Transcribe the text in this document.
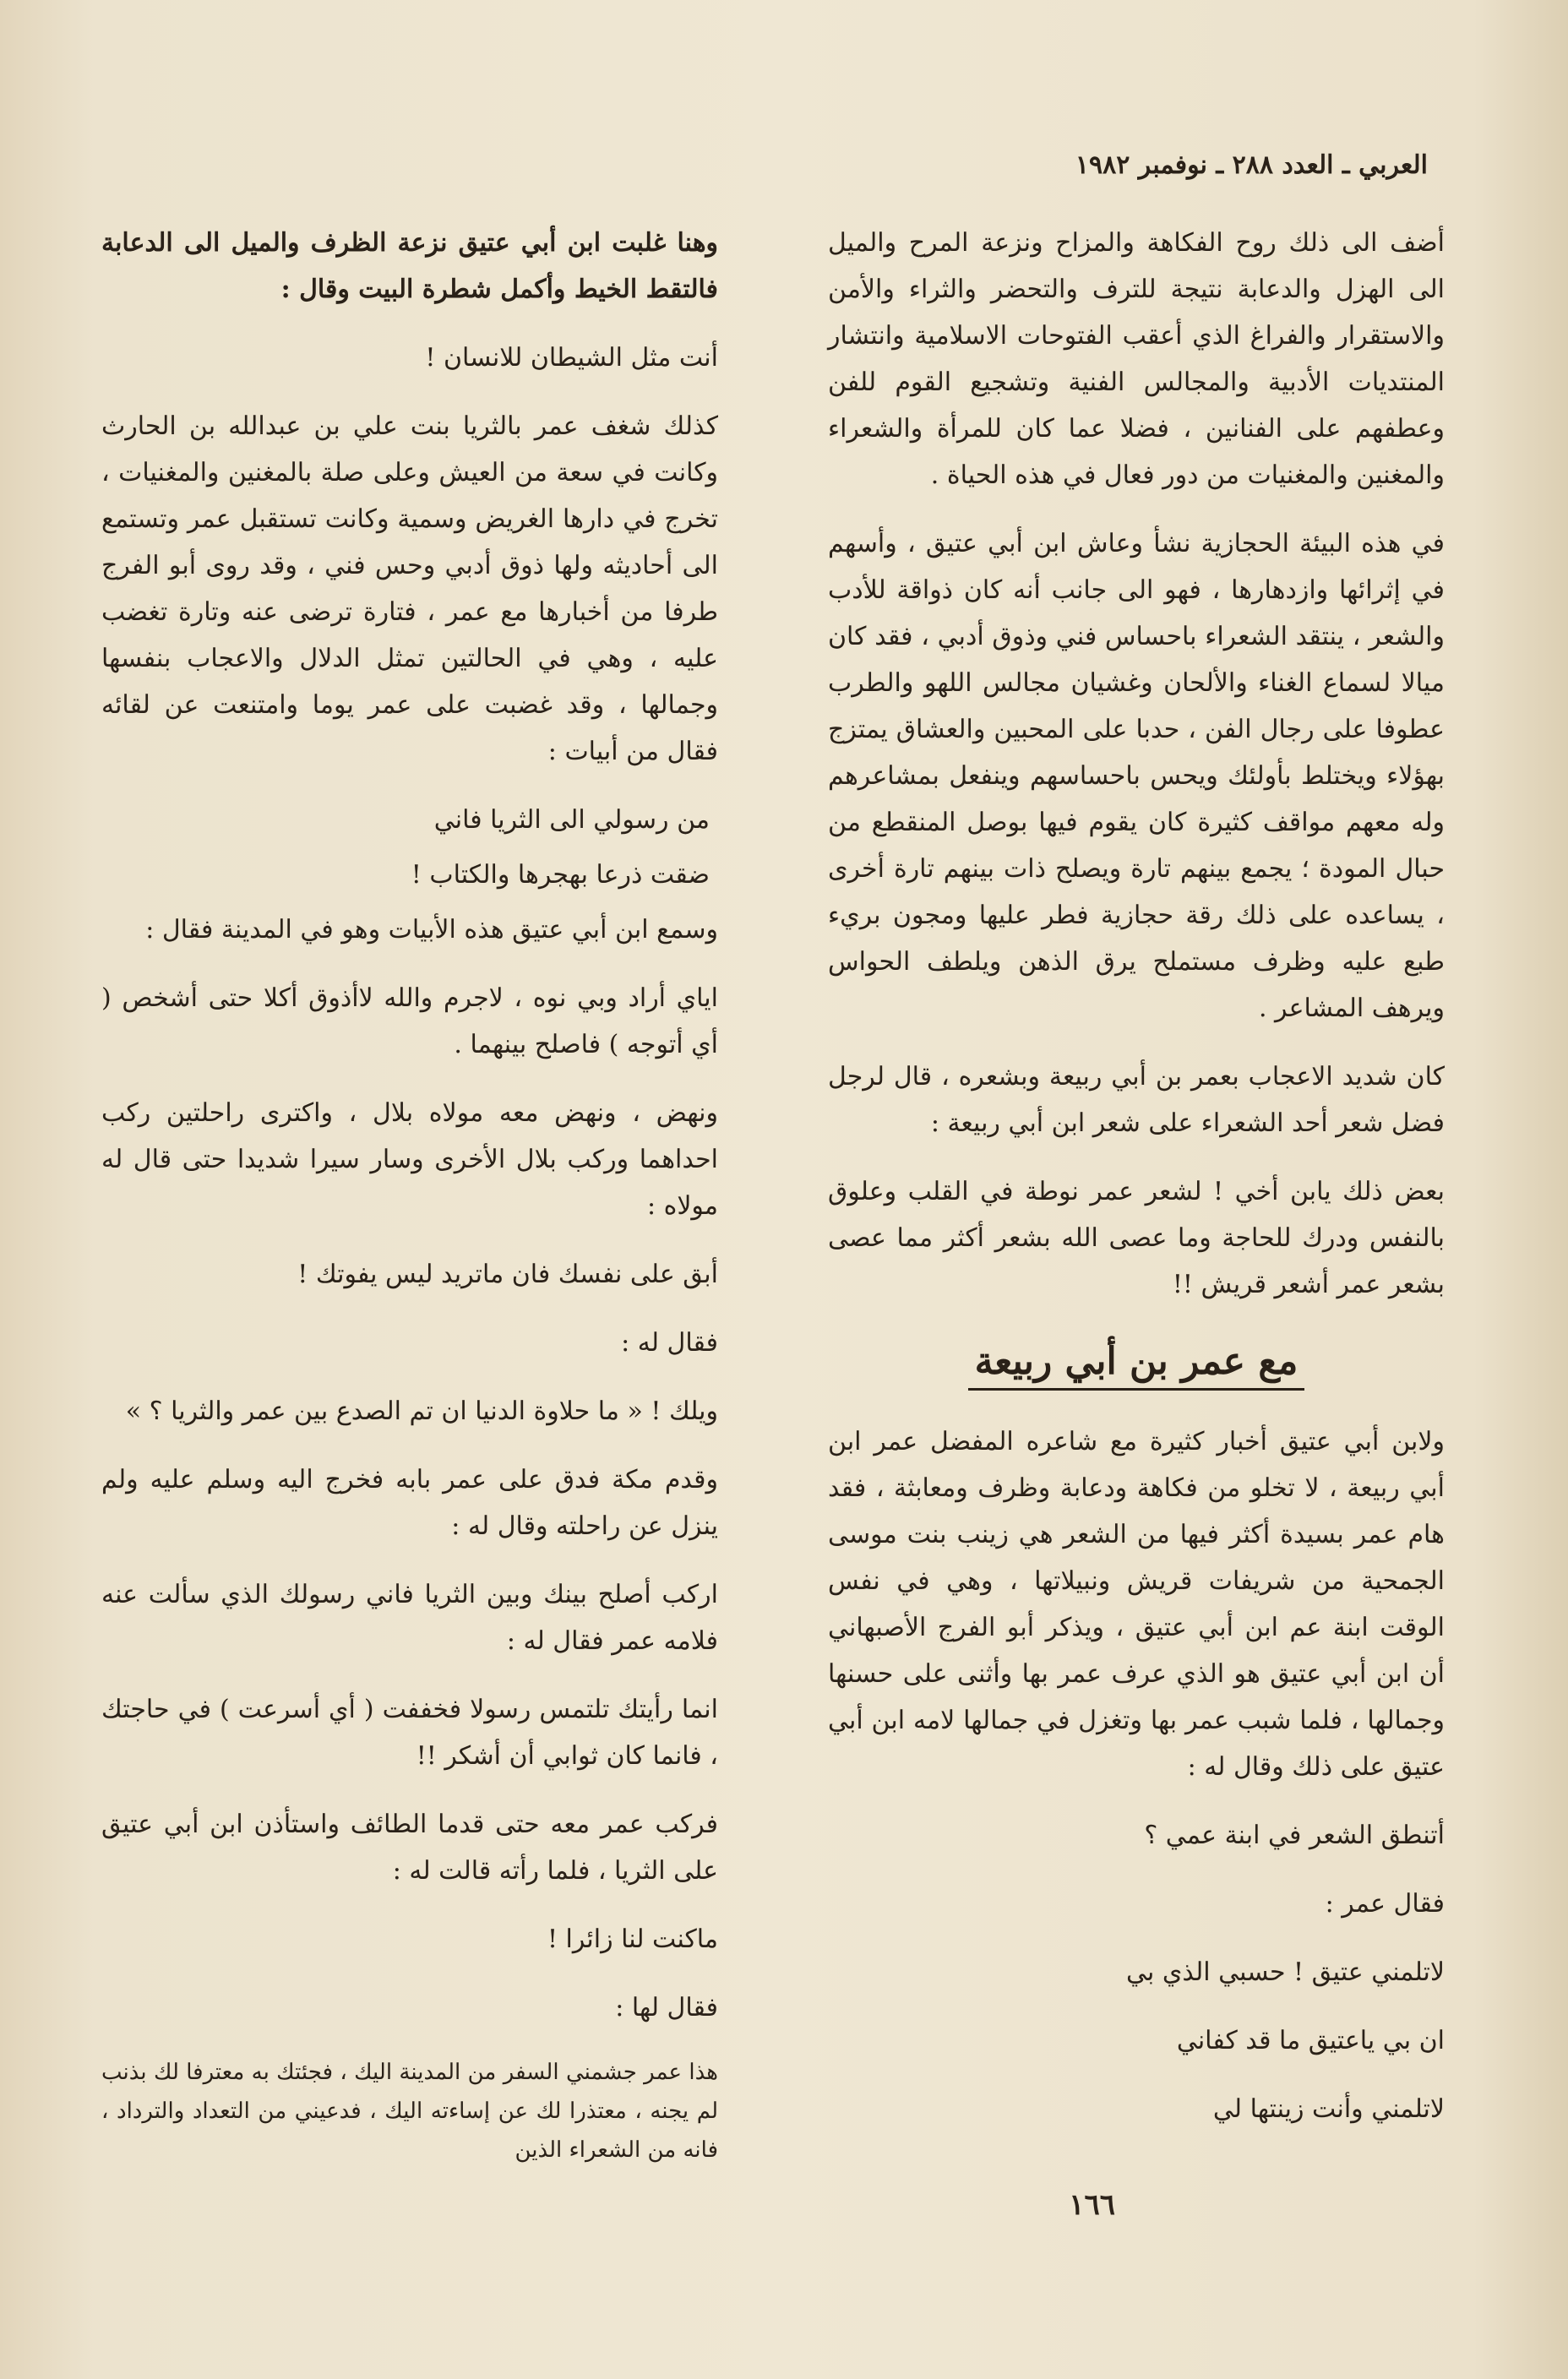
العربي ـ العدد ٢٨٨ ـ نوفمبر ١٩٨٢

أضف الى ذلك روح الفكاهة والمزاح ونزعة المرح والميل الى الهزل والدعابة نتيجة للترف والتحضر والثراء والأمن والاستقرار والفراغ الذي أعقب الفتوحات الاسلامية وانتشار المنتديات الأدبية والمجالس الفنية وتشجيع القوم للفن وعطفهم على الفنانين ، فضلا عما كان للمرأة والشعراء والمغنين والمغنيات من دور فعال في هذه الحياة .

في هذه البيئة الحجازية نشأ وعاش ابن أبي عتيق ، وأسهم في إثرائها وازدهارها ، فهو الى جانب أنه كان ذواقة للأدب والشعر ، ينتقد الشعراء باحساس فني وذوق أدبي ، فقد كان ميالا لسماع الغناء والألحان وغشيان مجالس اللهو والطرب عطوفا على رجال الفن ، حدبا على المحبين والعشاق يمتزج بهؤلاء ويختلط بأولئك ويحس باحساسهم وينفعل بمشاعرهم وله معهم مواقف كثيرة كان يقوم فيها بوصل المنقطع من حبال المودة ؛ يجمع بينهم تارة ويصلح ذات بينهم تارة أخرى ، يساعده على ذلك رقة حجازية فطر عليها ومجون بريء طبع عليه وظرف مستملح يرق الذهن ويلطف الحواس ويرهف المشاعر .

كان شديد الاعجاب بعمر بن أبي ربيعة وبشعره ، قال لرجل فضل شعر أحد الشعراء على شعر ابن أبي ربيعة :

بعض ذلك يابن أخي ! لشعر عمر نوطة في القلب وعلوق بالنفس ودرك للحاجة وما عصى الله بشعر أكثر مما عصى بشعر عمر أشعر قريش !!

مع عمر بن أبي ربيعة

ولابن أبي عتيق أخبار كثيرة مع شاعره المفضل عمر ابن أبي ربيعة ، لا تخلو من فكاهة ودعابة وظرف ومعابثة ، فقد هام عمر بسيدة أكثر فيها من الشعر هي زينب بنت موسى الجمحية من شريفات قريش ونبيلاتها ، وهي في نفس الوقت ابنة عم ابن أبي عتيق ، ويذكر أبو الفرج الأصبهاني أن ابن أبي عتيق هو الذي عرف عمر بها وأثنى على حسنها وجمالها ، فلما شبب عمر بها وتغزل في جمالها لامه ابن أبي عتيق على ذلك وقال له :

أتنطق الشعر في ابنة عمي ؟

فقال عمر :

لاتلمني عتيق ! حسبي الذي بي

ان بي ياعتيق ما قد كفاني

لاتلمني وأنت زينتها لي

وهنا غلبت ابن أبي عتيق نزعة الظرف والميل الى الدعابة فالتقط الخيط وأكمل شطرة البيت وقال :

أنت مثل الشيطان للانسان !

كذلك شغف عمر بالثريا بنت علي بن عبدالله بن الحارث وكانت في سعة من العيش وعلى صلة بالمغنين والمغنيات ، تخرج في دارها الغريض وسمية وكانت تستقبل عمر وتستمع الى أحاديثه ولها ذوق أدبي وحس فني ، وقد روى أبو الفرج طرفا من أخبارها مع عمر ، فتارة ترضى عنه وتارة تغضب عليه ، وهي في الحالتين تمثل الدلال والاعجاب بنفسها وجمالها ، وقد غضبت على عمر يوما وامتنعت عن لقائه فقال من أبيات :

من رسولي الى الثريا فاني
ضقت ذرعا بهجرها والكتاب !

وسمع ابن أبي عتيق هذه الأبيات وهو في المدينة فقال :

اياي أراد وبي نوه ، لاجرم والله لاأذوق أكلا حتى أشخص ( أي أتوجه ) فاصلح بينهما .

ونهض ، ونهض معه مولاه بلال ، واكترى راحلتين ركب احداهما وركب بلال الأخرى وسار سيرا شديدا حتى قال له مولاه :

أبق على نفسك فان ماتريد ليس يفوتك !

فقال له :

ويلك ! « ما حلاوة الدنيا ان تم الصدع بين عمر والثريا ؟ »

وقدم مكة فدق على عمر بابه فخرج اليه وسلم عليه ولم ينزل عن راحلته وقال له :

اركب أصلح بينك وبين الثريا فاني رسولك الذي سألت عنه فلامه عمر فقال له :

انما رأيتك تلتمس رسولا فخففت ( أي أسرعت ) في حاجتك ، فانما كان ثوابي أن أشكر !!

فركب عمر معه حتى قدما الطائف واستأذن ابن أبي عتيق على الثريا ، فلما رأته قالت له :

ماكنت لنا زائرا !

فقال لها :

هذا عمر جشمني السفر من المدينة اليك ، فجئتك به معترفا لك بذنب لم يجنه ، معتذرا لك عن إساءته اليك ، فدعيني من التعداد والترداد ، فانه من الشعراء الذين

١٦٦
